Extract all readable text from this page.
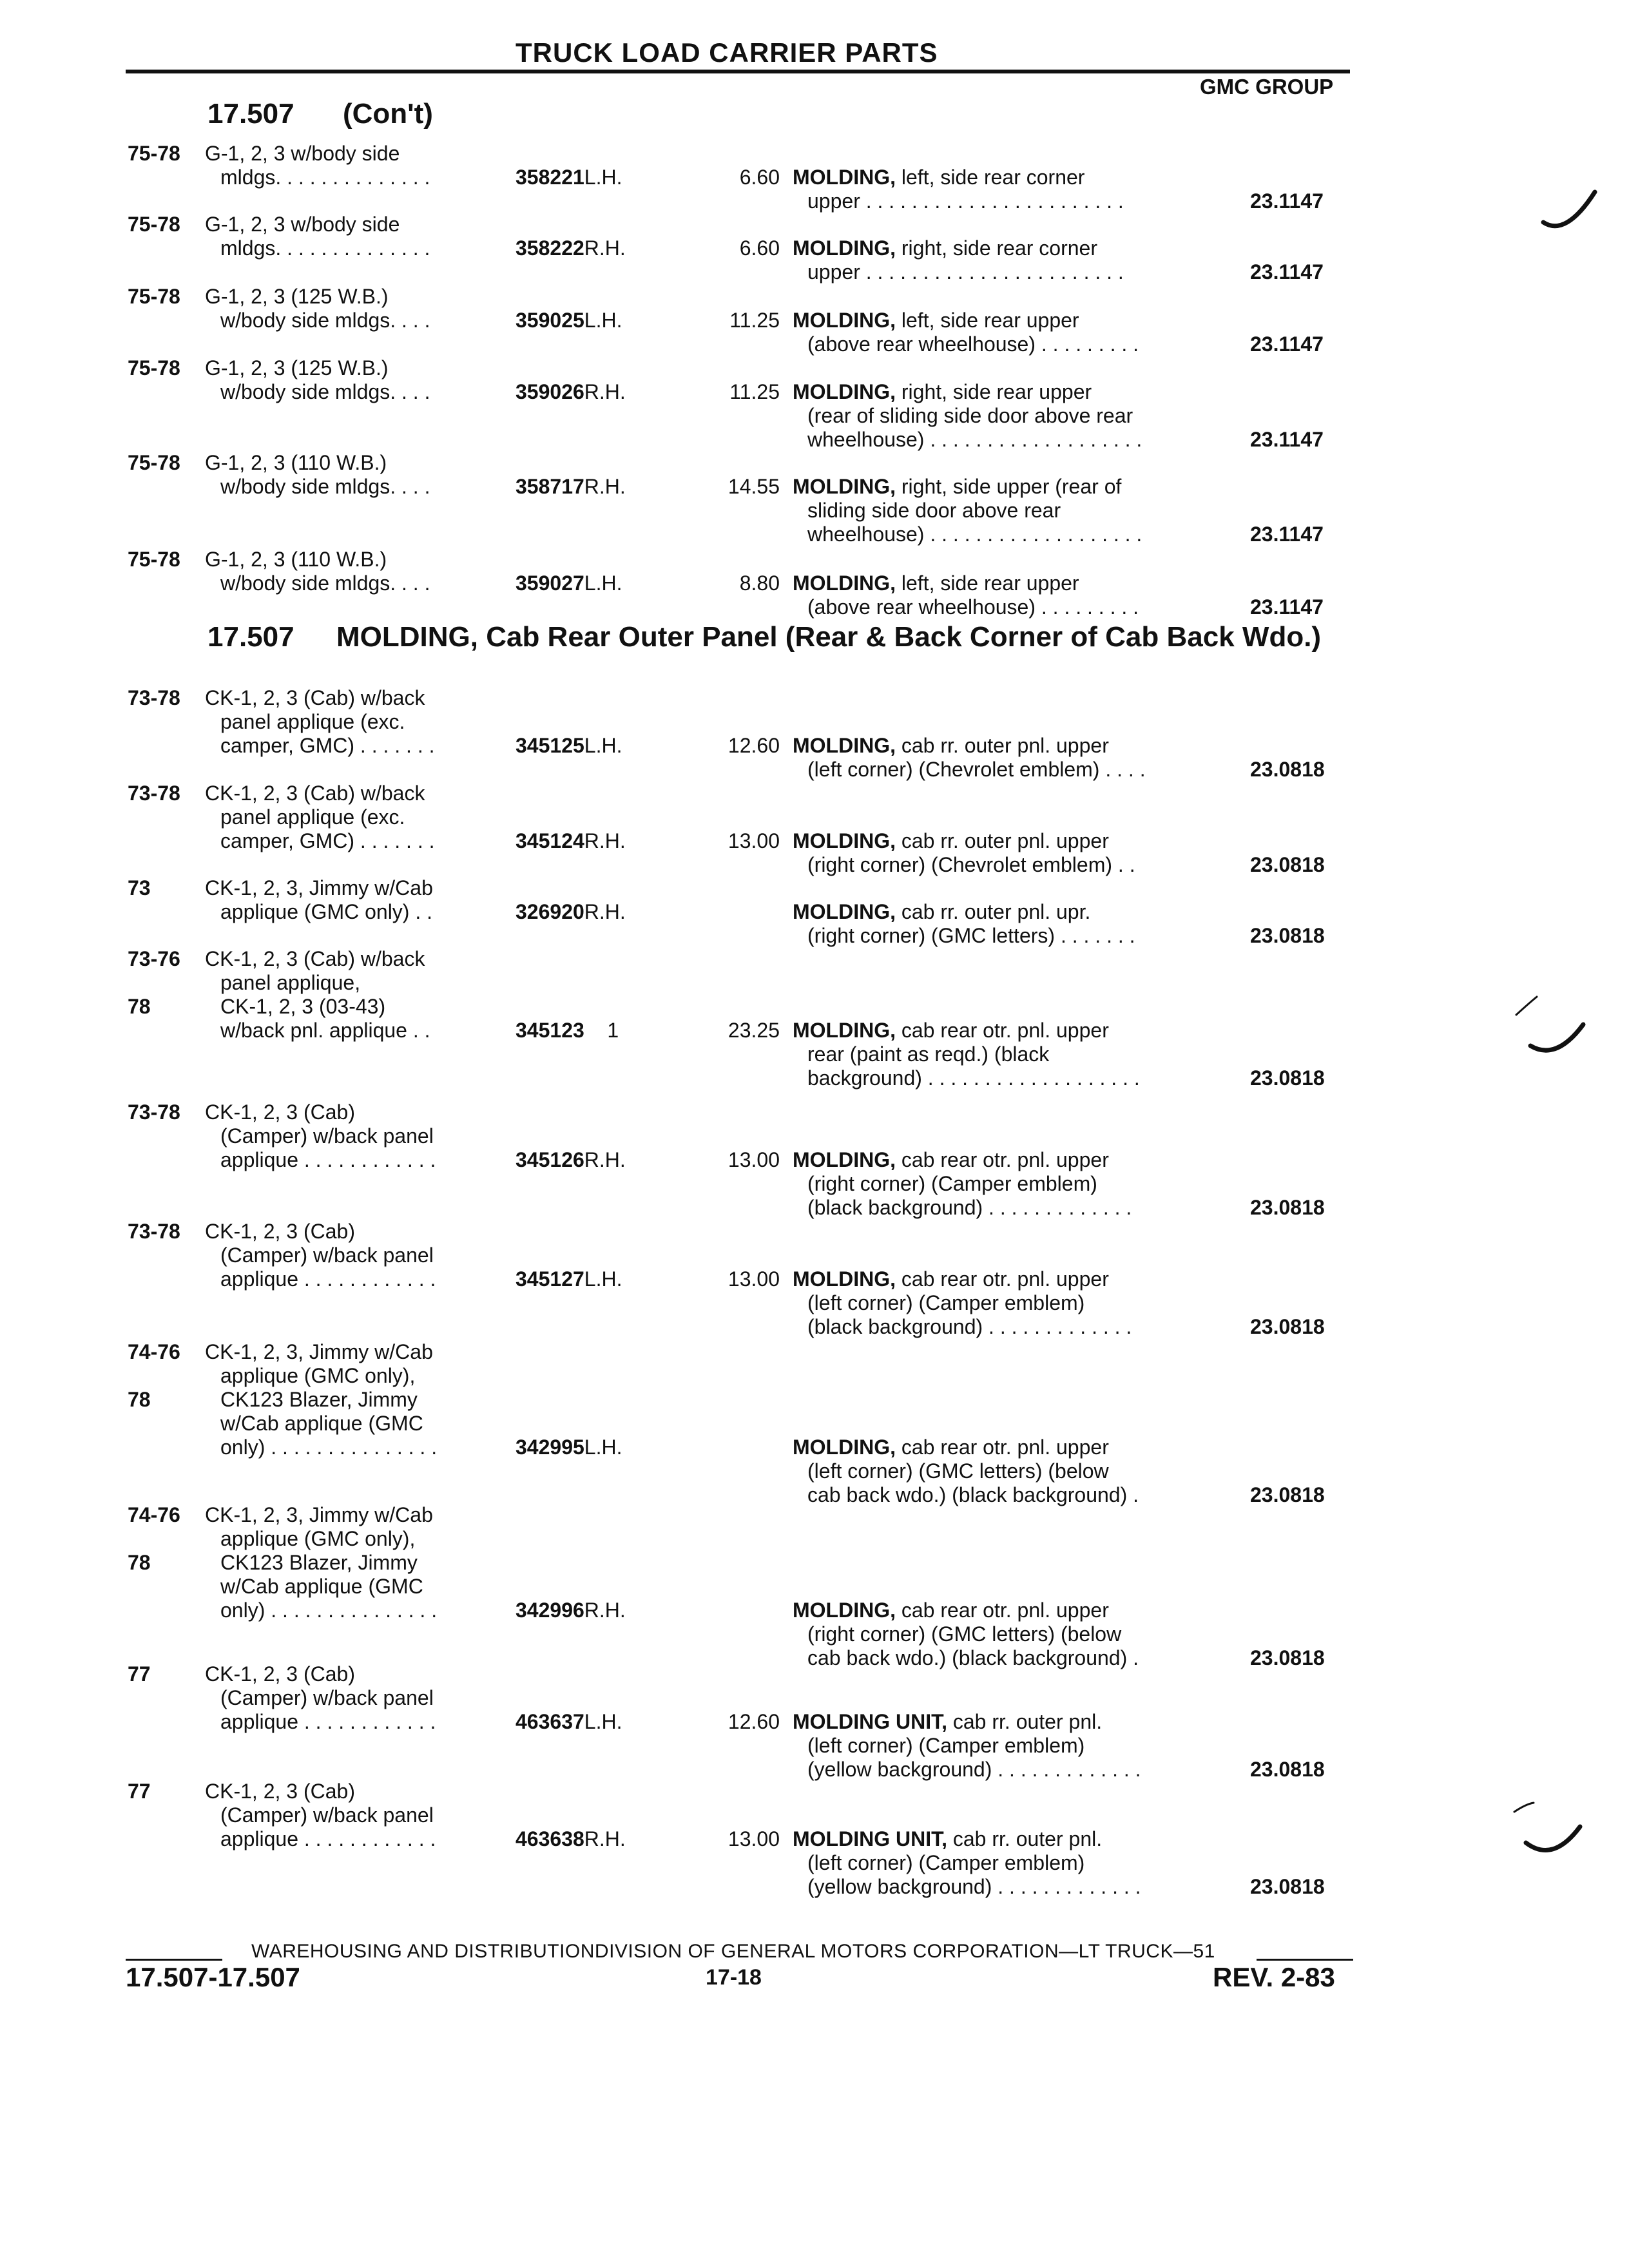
TRUCK LOAD CARRIER PARTS
GMC GROUP
17.507 (Con't)
17.507 MOLDING, Cab Rear Outer Panel (Rear & Back Corner of Cab Back Wdo.)
75-78 G-1, 2, 3 w/body side
mldgs. . . . . . . . . . . . . .	358221L.H.	6.60 MOLDING, left, side rear corner
upper . . . . . . . . . . . . . . . . . . . . . . .	23.1147
75-78 G-1, 2, 3 w/body side
mldgs. . . . . . . . . . . . . .	358222R.H.	6.60 MOLDING, right, side rear corner
upper . . . . . . . . . . . . . . . . . . . . . . .	23.1147
75-78 G-1, 2, 3 (125 W.B.)
w/body side mldgs. . . .	359025L.H.	11.25 MOLDING, left, side rear upper
(above rear wheelhouse) . . . . . . . . .	23.1147
75-78 G-1, 2, 3 (125 W.B.)
w/body side mldgs. . . .	359026R.H.	11.25 MOLDING, right, side rear upper
(rear of sliding side door above rear
wheelhouse) . . . . . . . . . . . . . . . . . . .	23.1147
75-78 G-1, 2, 3 (110 W.B.)
w/body side mldgs. . . .	358717R.H.	14.55 MOLDING, right, side upper (rear of
sliding side door above rear
wheelhouse) . . . . . . . . . . . . . . . . . . .	23.1147
75-78 G-1, 2, 3 (110 W.B.)
w/body side mldgs. . . .	359027L.H.	8.80 MOLDING, left, side rear upper
(above rear wheelhouse) . . . . . . . . .	23.1147
73-78 CK-1, 2, 3 (Cab) w/back
panel applique (exc.
camper, GMC) . . . . . . .	345125L.H.	12.60 MOLDING, cab rr. outer pnl. upper
(left corner) (Chevrolet emblem) . . . .	23.0818
73-78 CK-1, 2, 3 (Cab) w/back
panel applique (exc.
camper, GMC) . . . . . . .	345124R.H.	13.00 MOLDING, cab rr. outer pnl. upper
(right corner) (Chevrolet emblem) . .	23.0818
73	CK-1, 2, 3, Jimmy w/Cab
applique (GMC only) . .	326920R.H.	MOLDING, cab rr. outer pnl. upr.
(right corner) (GMC letters) . . . . . . .	23.0818
73-76
78
CK-1, 2, 3 (Cab) w/back
panel applique,
CK-1, 2, 3 (03-43)
w/back pnl. applique . .	345123    1	23.25 MOLDING, cab rear otr. pnl. upper
rear (paint as reqd.) (black
background) . . . . . . . . . . . . . . . . . . .	23.0818
73-78 CK-1, 2, 3 (Cab)
(Camper) w/back panel
applique . . . . . . . . . . . .	345126R.H.	13.00 MOLDING, cab rear otr. pnl. upper
(right corner) (Camper emblem)
(black background) . . . . . . . . . . . . .	23.0818
73-78 CK-1, 2, 3 (Cab)
(Camper) w/back panel
applique . . . . . . . . . . . .	345127L.H.	13.00 MOLDING, cab rear otr. pnl. upper
(left corner) (Camper emblem)
(black background) . . . . . . . . . . . . .	23.0818
74-76
78
CK-1, 2, 3, Jimmy w/Cab
applique (GMC only),
CK123 Blazer, Jimmy
w/Cab applique (GMC
only) . . . . . . . . . . . . . . .	342995L.H.	MOLDING, cab rear otr. pnl. upper
(left corner) (GMC letters) (below
cab back wdo.) (black background) .	23.0818
74-76
78
CK-1, 2, 3, Jimmy w/Cab
applique (GMC only),
CK123 Blazer, Jimmy
w/Cab applique (GMC
only) . . . . . . . . . . . . . . .	342996R.H.	MOLDING, cab rear otr. pnl. upper
(right corner) (GMC letters) (below
cab back wdo.) (black background) .	23.0818
77	CK-1, 2, 3 (Cab)
(Camper) w/back panel
applique . . . . . . . . . . . .	463637L.H.	12.60 MOLDING UNIT, cab rr. outer pnl.
(left corner) (Camper emblem)
(yellow background) . . . . . . . . . . . . .	23.0818
77	CK-1, 2, 3 (Cab)
(Camper) w/back panel
applique . . . . . . . . . . . .	463638R.H.	13.00 MOLDING UNIT, cab rr. outer pnl.
(left corner) (Camper emblem)
(yellow background) . . . . . . . . . . . . .	23.0818
WAREHOUSING AND DISTRIBUTIONDIVISION OF GENERAL MOTORS CORPORATION—LT TRUCK—51
17.507-17.507	17-18	REV. 2-83
